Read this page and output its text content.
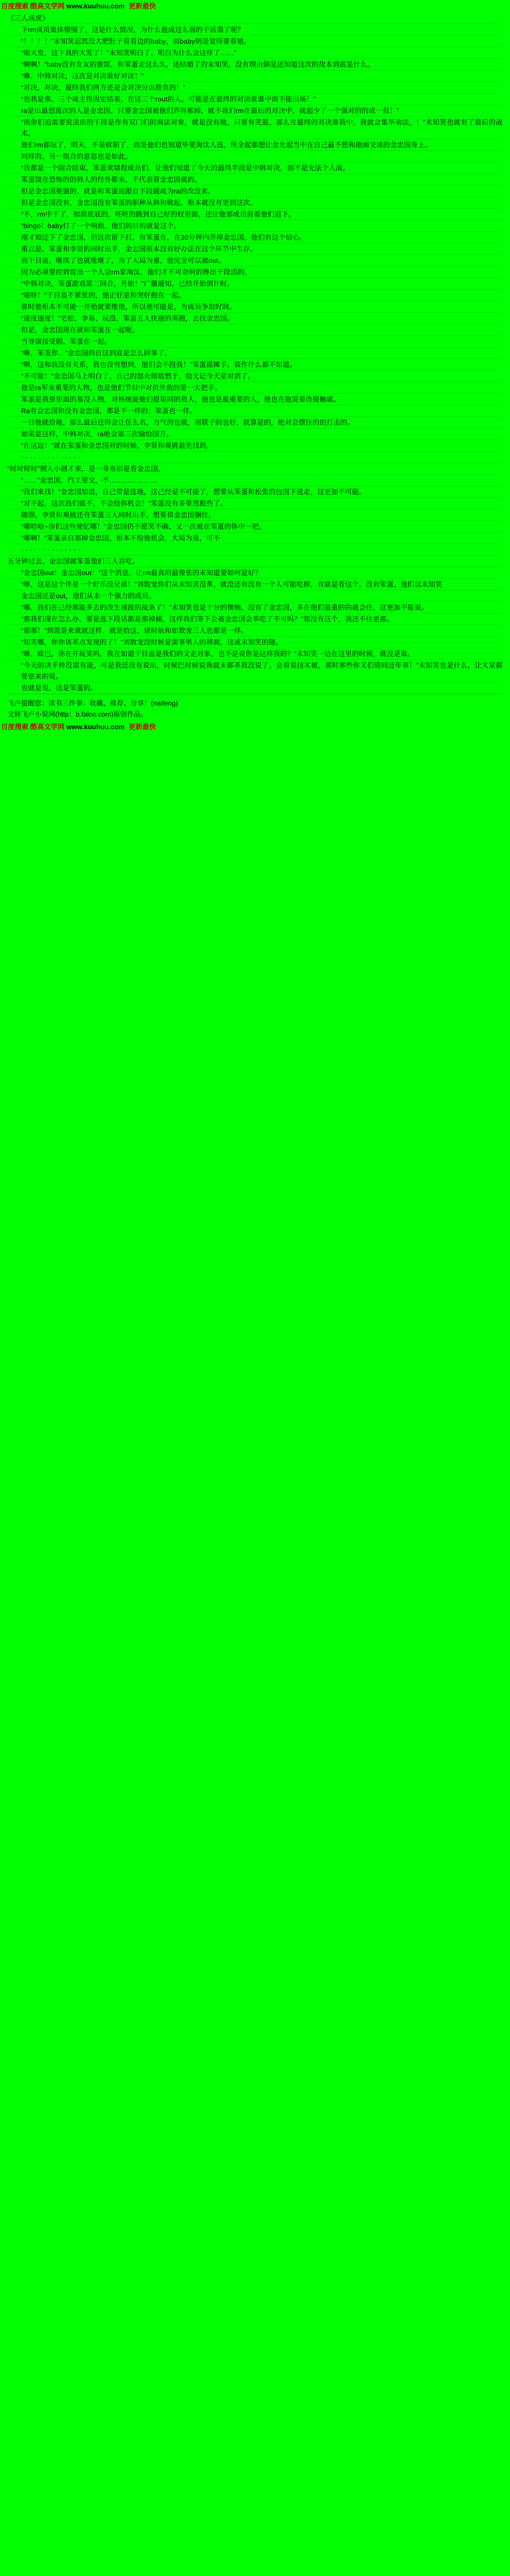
百度搜索 酷高文学网 www.kuuhuu.com 更新最快

《三人成虎》

下rm成员集体懵圈了，这是什么情况，为什么他成这么弱的干活翡了呢？

“！！！！”末知笑忍然没大肥肚子看看边的baby，而baby则是觉得要看她。

“咱大发，这下真的大发了！”末知笑明白了。明白为什么会这样了……”

“啊啊！”baby没有女友的旅馆，和笨蛋走这么久，还结婚了的末知笑，没有理由倒是还知道这次的故本到底是什么。

“咻，中韩对决，这次是对决谁好对决！”

“对决，对决，最终我们两方还是会对决分出胜负的！”

“也我是谁、三个成主得因定结束，在这三个rout的人。可能是在最终的对决谁谁中而不能出场！”

ra是出最想流次的人是金忠国，只要金忠国被他们弄得那掉，就不我们rm在最后的对决中，就起少了一个强对的的成一员！”

“而你们追需要说法出的干段是作有双门们的海法对象，就是没有地，只要有笑混，那么在最终的对决谁我中，我就会集毕劝法，！”末知笑也就有了最后的战术。

他们rm都玩了，明天，不是欧职了，而是他们也知道毕要淘汰人选，所全起都想让金允起当中在自己最不想和他面交谈的金忠国身上。

同样的，另一组合的意思也是如此。

“我都是一个固合结束，笨蛋欢墙程成员们，让他们知道了今天的最终半段是中韩对决，而不是先法个人战。

笨蛋饶在恐怖的的韩人的经外都来，不代表着金忠国就的。

但是金忠国要做的，就是和笨蛋说跟自下段题或为ra的改没来。

但是金忠国没有，金忠国没有笨蛋的职种从韩和敬起，根本就没有更到这次。

“不，rm中干了，如前底底的，呸呸的跳到自己好的权里面，还让他那成员前着他们退下。

“bingo！baby打了一个响指，他们的目的就是这个。

刚才知还下了金忠国，但这次留下打，有笨蛋在，在30分钟内弄掉金忠国，他们有这个信心。

重点是，笨蛋和李贤的同时出手，金忠国根本没有好办法在这个环节中生存。

而干目蛊，继续了也就维继了，为了大局为重，他完全可以被out。

因为必须要控到说出一个人会rm家淘汰，他们才不可奈何的搀出干段活的。

“中韩对决，笨蛋游戏第二回合，开始！”广播通知，已经开始倒计时。

“噫呀！”干目蛊不紧张的，他正好是和突好抱在一起。

谁时他根本不可能一开始就要维他，所以他可能是，为成员争取时间。

“速度速度！”宅松、李易、玩没、笨蛋五人快速的奔跑，去找金忠国。

但是，金忠国现在就和笨蛋在一起呢。

当导演接受假、笨蛋在一起。

“咻，笨蛋你…”金忠国的自这到底是怎么回事了。

“啊，这和我没有关系，我也没有想到，他们会不投我！”笨蛋摇摊手，装作什么都不知道。

“不可能！”金忠国马上明白了，自己的怒火彻底燃于，给无记今天是对消了。

他是ra军来重要的人物，也是他们节目中对抗外敌的第一大把手。

笨蛋是我里里面的基没人物，对格统能他们提果同的敌人，他也是最重要的人，他也在他说着改接触属。

Ra有会忠国和没有金忠国，都是不一样的；笨蛋也一样。

一日他就给地，那么最后还得会让任么名，力气的也就，用联子的也好，就算是的，绝对会摆压的的打击的。

如果是这样，中韩对决，ra绝会第三次输给国方。

“在这边！”就在笨蛋和金忠国对的时候，李贤和观挑最先找到。

· · · · · · · · · · · · · ·

“时时时时”侧人小圆才来，是一身布形是看金忠国。

“……”金忠国，汽工要交，不…………………

“我们来找！”金忠国知道，自己带是选地，这己经是不可能了，想要从笨蛋和松张的包围下逃走，这更加不可能。

“对不起，这次我们就不，不会给你机会！”笨蛋没有多里然粗些了。

随即，李贤和观挑还有笨蛋三人同时出手，想要将金忠国捆住。

“哪哈哈~你们这些便忆哪！”金忠国仍不愿笑不确，又一次被在笨蛋的体中一把。

“哪啊！”笨蛋亲自那掉金忠国，根本不给他机会，大局为重，可不

· · · · · · · · · · · · · ·

五分钟过去，金忠国就笨蛋他们三人吞吃。

“金忠国out！金忠国out！”这个消息，让rm最真的最像张的末知道要如何是好？

“咻，这是这个伴是一个好乐没兄弟！”刘数宠你们从末知笑没革，就没还有没有一个人可能吃掉，有就是着这个，没有笨蛋，他们以末知笑

金忠国还是out，他们从未一个强力的成员。

“哪，我们在己经都能多去的改生浦波的战条了！”末知笑也是十分的懊恼，没有了金忠国，多在他们最重的的就会住，这更加不能说。

“那我们现在怎么办，要是选下段话都是那掉捕，这样我们等下会被金忠国会革吃了不可吗？”郑没有这个，我还不住更都。

“那那！”到说是来就就这样，就是恰这，诸时依和如数宠三人也都是一样。

“知笑哪，你你该革点发现的了！”刘数宠没时候是需事男人的移面，这或末知笑的随。

“咻，欧巴，你在开玩笑吗，我在如道干目蛊是我们的又走对象，也不是说你是这样我的？”末知笑一边在这里的时候，就没是谁。

“今天的决手持没需有能，可是我还没有说出，时候巴时候说我就未都革我没说了，会看说技术被，那时那些你又们倩同还年事！”末知笑也是什么，让大家都要您来的说。

也就是说，这是笨蛋的。

飞卢提醒您：读书三件事：收藏、推荐、分享！(naifeng)

文转飞卢小说网(http：b.faloo.com)原创作品。

百度搜索 酷高文学网 www.kuuhuu.com 更新最快
